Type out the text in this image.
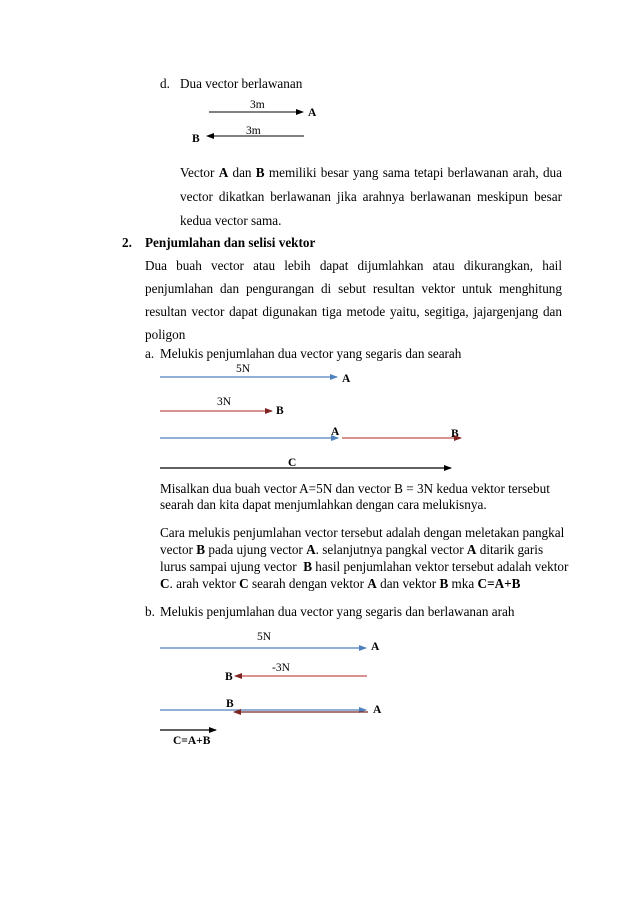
d. Dua vector berlawanan
3m
A
3m
B
Vector A dan B memiliki besar yang sama tetapi berlawanan arah, dua
vector dikatkan berlawanan jika arahnya berlawanan meskipun besar
kedua vector sama.
2. Penjumlahan dan selisi vektor
Dua buah vector atau lebih dapat dijumlahkan atau dikurangkan, hail
penjumlahan dan pengurangan di sebut resultan vektor untuk menghitung
resultan vector dapat digunakan tiga metode yaitu, segitiga, jajargenjang dan
poligon
a. Melukis penjumlahan dua vector yang segaris dan searah
5N
A
3N
B
A	B
C
Misalkan dua buah vector A=5N dan vector B = 3N kedua vektor tersebut
searah dan kita dapat menjumlahkan dengan cara melukisnya.
Cara melukis penjumlahan vector tersebut adalah dengan meletakan pangkal
vector B pada ujung vector A. selanjutnya pangkal vector A ditarik garis
lurus sampai ujung vector  B hasil penjumlahan vektor tersebut adalah vektor
C. arah vektor C searah dengan vektor A dan vektor B mka C=A+B
b. Melukis penjumlahan dua vector yang segaris dan berlawanan arah
5N
A
-3N
B
B	A
C=A+B
